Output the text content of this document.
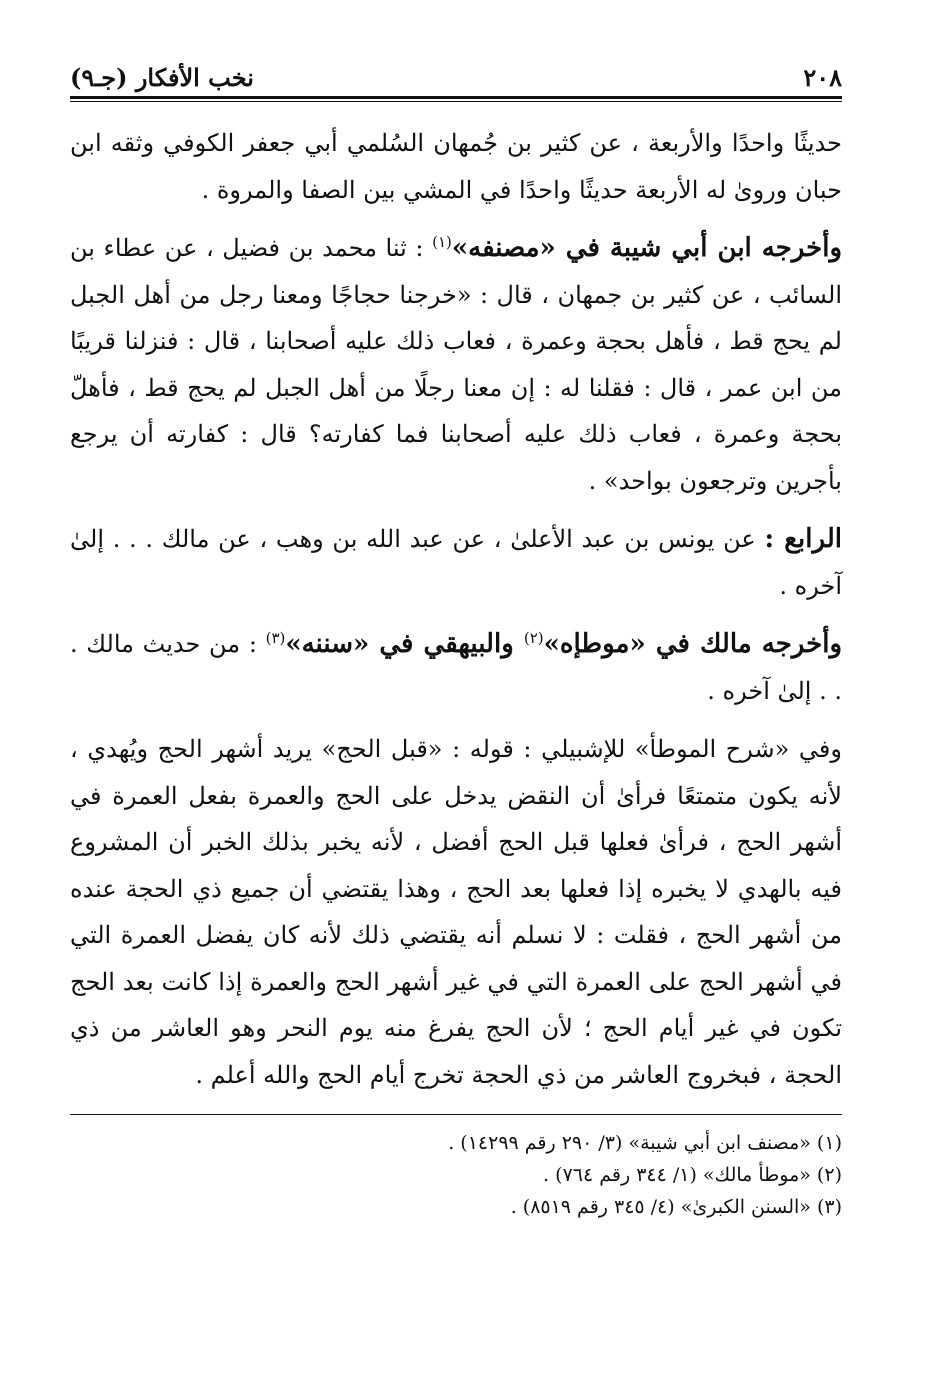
٢٠٨
نخب الأفكار (جـ٩)

حديثًا واحدًا والأربعة ، عن كثير بن جُمهان السُلمي أبي جعفر الكوفي وثقه ابن حبان وروىٰ له الأربعة حديثًا واحدًا في المشي بين الصفا والمروة .

وأخرجه ابن أبي شيبة في «مصنفه»$^{(١)}$ : ثنا محمد بن فضيل ، عن عطاء بن السائب ، عن كثير بن جمهان ، قال : «خرجنا حجاجًا ومعنا رجل من أهل الجبل لم يحج قط ، فأهل بحجة وعمرة ، فعاب ذلك عليه أصحابنا ، قال : فنزلنا قريبًا من ابن عمر ، قال : فقلنا له : إن معنا رجلًا من أهل الجبل لم يحج قط ، فأهلّ بحجة وعمرة ، فعاب ذلك عليه أصحابنا فما كفارته؟ قال : كفارته أن يرجع بأجرين وترجعون بواحد» .

الرابع : عن يونس بن عبد الأعلىٰ ، عن عبد الله بن وهب ، عن مالك . . . إلىٰ آخره .

وأخرجه مالك في «موطإه»$^{(٢)}$ والبيهقي في «سننه»$^{(٣)}$ : من حديث مالك . . . إلىٰ آخره .

وفي «شرح الموطأ» للإشبيلي : قوله : «قبل الحج» يريد أشهر الحج ويُهدي ، لأنه يكون متمتعًا فرأىٰ أن النقض يدخل على الحج والعمرة بفعل العمرة في أشهر الحج ، فرأىٰ فعلها قبل الحج أفضل ، لأنه يخبر بذلك الخبر أن المشروع فيه بالهدي لا يخبره إذا فعلها بعد الحج ، وهذا يقتضي أن جميع ذي الحجة عنده من أشهر الحج ، فقلت : لا نسلم أنه يقتضي ذلك لأنه كان يفضل العمرة التي في أشهر الحج على العمرة التي في غير أشهر الحج والعمرة إذا كانت بعد الحج تكون في غير أيام الحج ؛ لأن الحج يفرغ منه يوم النحر وهو العاشر من ذي الحجة ، فبخروج العاشر من ذي الحجة تخرج أيام الحج والله أعلم .

(١) «مصنف ابن أبي شيبة» (٣/ ٢٩٠ رقم ١٤٢٩٩) .
(٢) «موطأ مالك» (١/ ٣٤٤ رقم ٧٦٤) .
(٣) «السنن الكبرىٰ» (٤/ ٣٤٥ رقم ٨٥١٩) .
